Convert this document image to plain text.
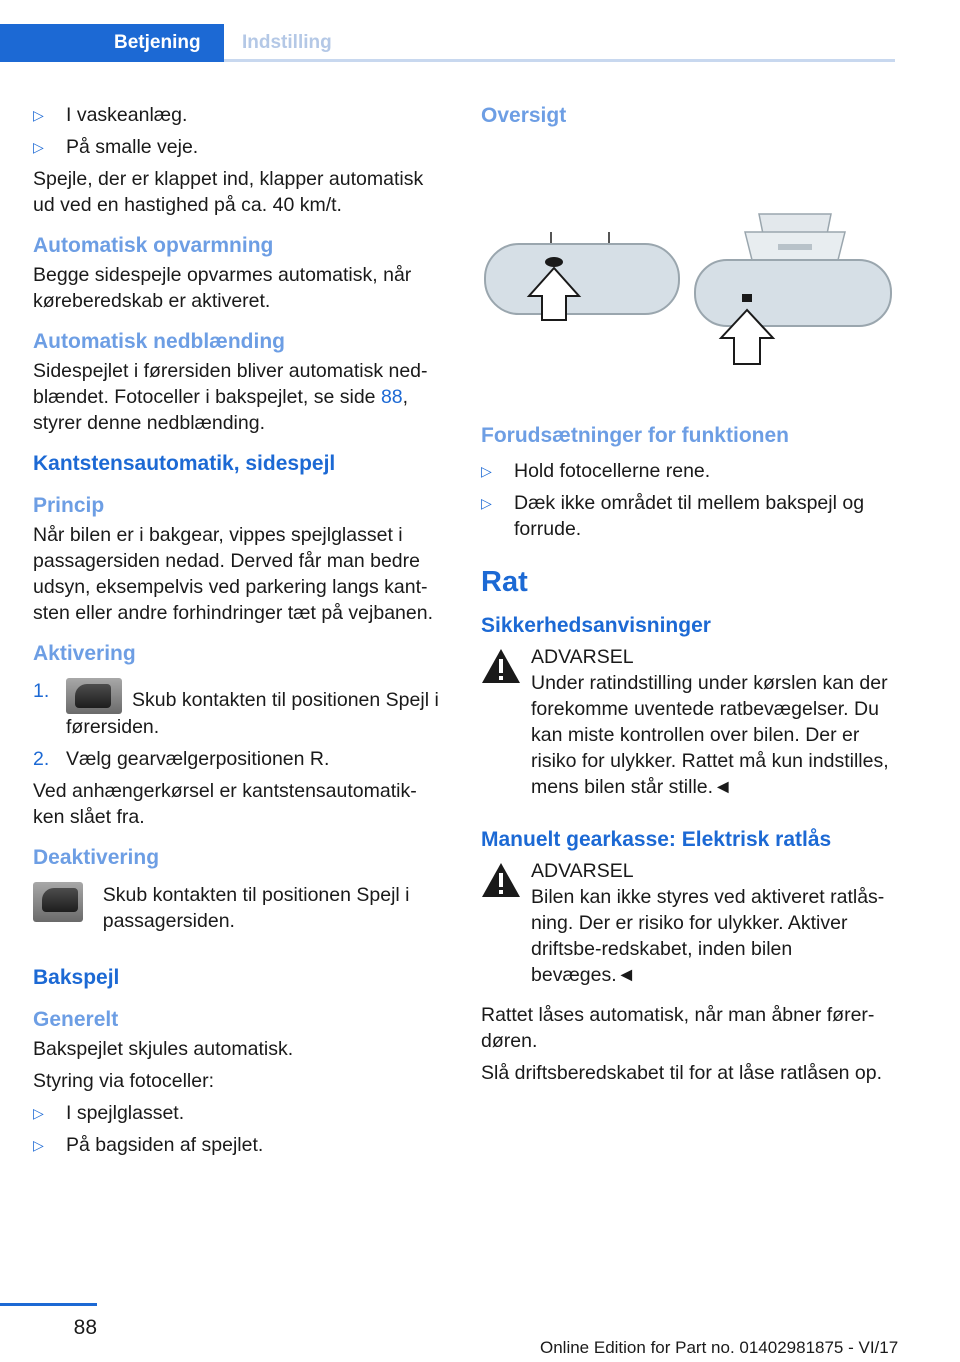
Betjening	Indstilling
▷	I vaskeanlæg.
▷	På smalle veje.

Spejle, der er klappet ind, klapper automatisk ud ved en hastighed på ca. 40 km/t.

Automatisk opvarmning

Begge sidespejle opvarmes automatisk, når køreberedskab er aktiveret.

Automatisk nedblænding

Sidespejlet i førersiden bliver automatisk ned-blændet. Fotoceller i bakspejlet, se side 88, styrer denne nedblænding.

Kantstensautomatik, sidespejl
Princip

Når bilen er i bakgear, vippes spejlglasset i passagersiden nedad. Derved får man bedre udsyn, eksempelvis ved parkering langs kant-sten eller andre forhindringer tæt på vejbanen.

Aktivering
1.	Skub kontakten til positionen Spejl i førersiden.
2. Vælg gearvælgerpositionen R.

Ved anhængerkørsel er kantstensautomatik-ken slået fra.

Deaktivering
Skub kontakten til positionen Spejl i passagersiden.
Bakspejl
Generelt

Bakspejlet skjules automatisk.

Styring via fotoceller:

▷	I spejlglasset.
▷	På bagsiden af spejlet.
Oversigt
Forudsætninger for funktionen
▷	Hold fotocellerne rene.
▷	Dæk ikke området til mellem bakspejl og forrude.
Rat
Sikkerhedsanvisninger
ADVARSEL
Under ratindstilling under kørslen kan der forekomme uventede ratbevægelser. Du kan miste kontrollen over bilen. Der er risiko for ulykker. Rattet må kun indstilles, mens bilen står stille.◄
Manuelt gearkasse: Elektrisk ratlås
ADVARSEL
Bilen kan ikke styres ved aktiveret ratlås-ning. Der er risiko for ulykker. Aktiver driftsbe-redskabet, inden bilen bevæges.◄

Rattet låses automatisk, når man åbner fører-døren.

Slå driftsberedskabet til for at låse ratlåsen op.

88
Online Edition for Part no. 01402981875 - VI/17
